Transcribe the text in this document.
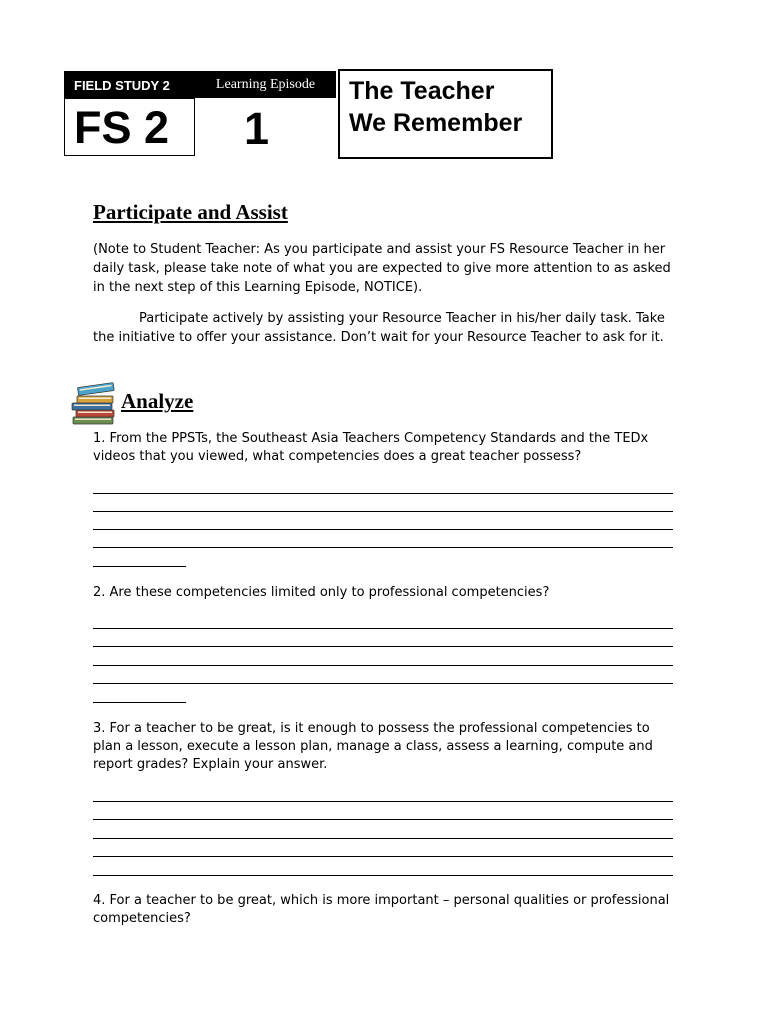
FIELD STUDY 2
FS 2
Learning Episode
1
The Teacher
We Remember
Participate and Assist
(Note to Student Teacher: As you participate and assist your FS Resource Teacher in her daily task, please take note of what you are expected to give more attention to as asked in the next step of this Learning Episode, NOTICE).
Participate actively by assisting your Resource Teacher in his/her daily task. Take the initiative to offer your assistance. Don’t wait for your Resource Teacher to ask for it.
Analyze
1. From the PPSTs, the Southeast Asia Teachers Competency Standards and the TEDx videos that you viewed, what competencies does a great teacher possess?
2. Are these competencies limited only to professional competencies?
3. For a teacher to be great, is it enough to possess the professional competencies to plan a lesson, execute a lesson plan, manage a class, assess a learning, compute and report grades? Explain your answer.
4. For a teacher to be great, which is more important – personal qualities or professional competencies?
